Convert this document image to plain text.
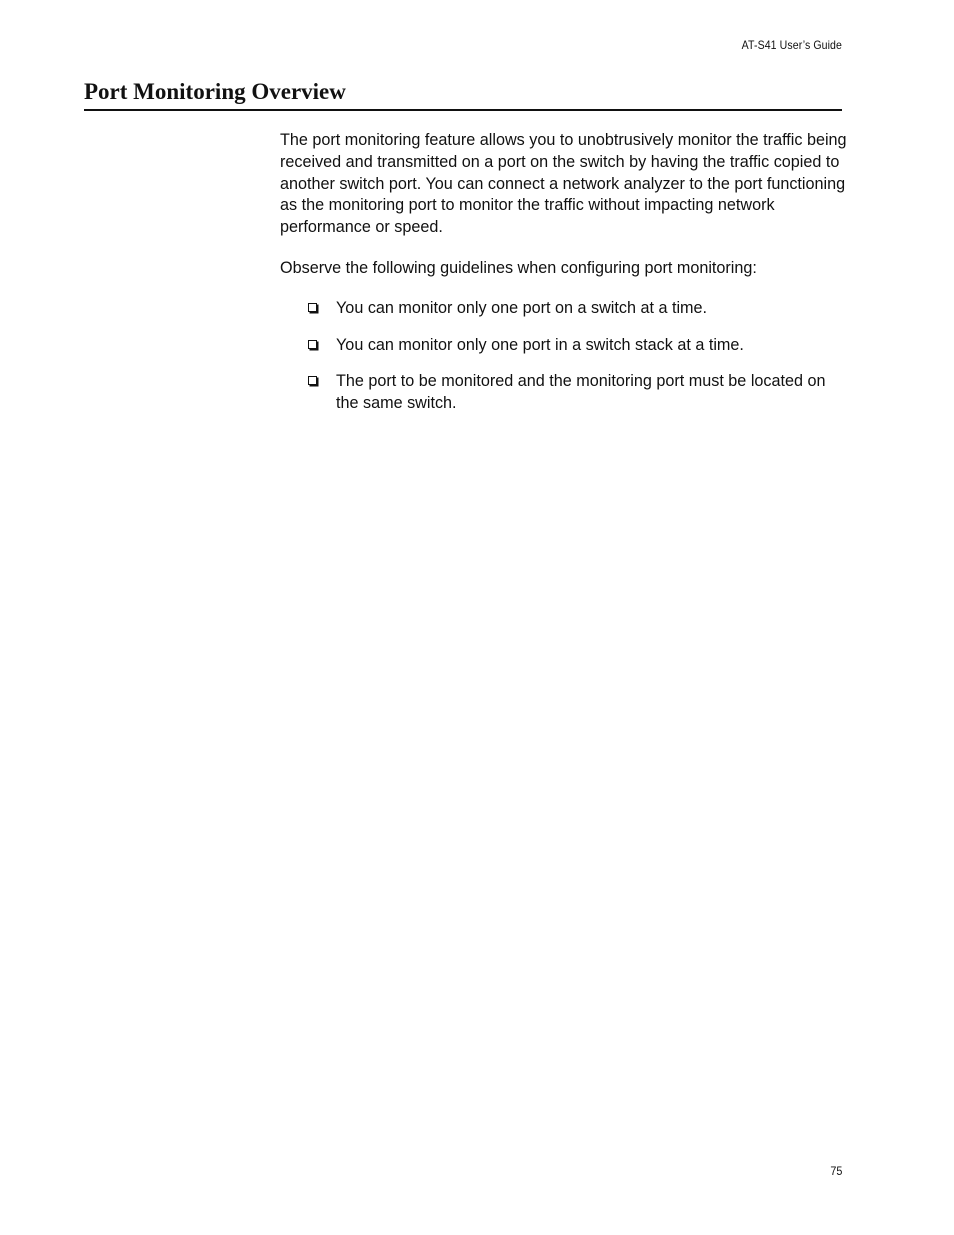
AT-S41 User’s Guide
Port Monitoring Overview

The port monitoring feature allows you to unobtrusively monitor the traffic being received and transmitted on a port on the switch by having the traffic copied to another switch port. You can connect a network analyzer to the port functioning as the monitoring port to monitor the traffic without impacting network performance or speed.

Observe the following guidelines when configuring port monitoring:

You can monitor only one port on a switch at a time.
You can monitor only one port in a switch stack at a time.
The port to be monitored and the monitoring port must be located on the same switch.
75
